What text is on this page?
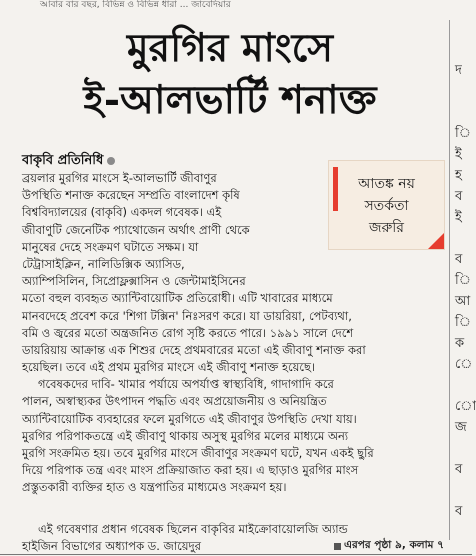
আবার বার বছর, বিভিন্ন ও বিভিন্ন ধারা ... জাবেদিয়ার
মুরগির মাংসে
ই-আলভার্টি শনাক্ত
বাকৃবি প্রতিনিধি
আতঙ্ক নয়
সতর্কতা
জরুরি
ব্রয়লার মুরগির মাংসে ই-আলভার্টি জীবাণুর
উপস্থিতি শনাক্ত করেছেন সম্প্রতি বাংলাদেশ কৃষি
বিশ্ববিদ্যালয়ের (বাকৃবি) একদল গবেষক। এই
জীবাণুটি জেনেটিক প্যাথোজেন অর্থাৎ প্রাণী থেকে
মানুষের দেহে সংক্রমণ ঘটাতে সক্ষম। যা
টেট্রাসাইক্লিন, নালিডিক্সিক অ্যাসিড,
অ্যাম্পিসিলিন, সিপ্রোফ্লক্সাসিন ও জেন্টামাইসিনের
মতো বহুল ব্যবহৃত অ্যান্টিবায়োটিক প্রতিরোধী। এটি খাবারের মাধ্যমে
মানবদেহে প্রবেশ করে 'শিগা টক্সিন' নিঃসরণ করে। যা ডায়রিয়া, পেটব্যথা,
বমি ও জ্বরের মতো অন্ত্রজনিত রোগ সৃষ্টি করতে পারে। ১৯৯১ সালে দেশে
ডায়রিয়ায় আক্রান্ত এক শিশুর দেহে প্রথমবারের মতো এই জীবাণু শনাক্ত করা
হয়েছিল। তবে এই প্রথম মুরগির মাংসে এই জীবাণু শনাক্ত হয়েছে।
গবেষকদের দাবি- খামার পর্যায়ে অপর্যাপ্ত স্বাস্থ্যবিধি, গাদাগাদি করে
পালন, অস্বাস্থ্যকর উৎপাদন পদ্ধতি এবং অপ্রয়োজনীয় ও অনিয়ন্ত্রিত
অ্যান্টিবায়োটিক ব্যবহারের ফলে মুরগিতে এই জীবাণুর উপস্থিতি দেখা যায়।
মুরগির পরিপাকতন্ত্রে এই জীবাণু থাকায় অসুস্থ মুরগির মলের মাধ্যমে অন্য
মুরগি সংক্রমিত হয়। তবে মুরগির মাংসে জীবাণুর সংক্রমণ ঘটে, যখন একই ছুরি
দিয়ে পরিপাক তন্ত্র এবং মাংস প্রক্রিয়াজাত করা হয়। এ ছাড়াও মুরগির মাংস
প্রস্তুতকারী ব্যক্তির হাত ও যন্ত্রপাতির মাধ্যমেও সংক্রমণ হয়।
এই গবেষণার প্রধান গবেষক ছিলেন বাকৃবির মাইক্রোবায়োলজি অ্যান্ড
হাইজিন বিভাগের অধ্যাপক ড. জায়েদুর	এরপর পৃষ্ঠা ৯, কলাম ৭
দ
ি
ই
হ
ব
ই
ব
ি
আ
ি
ক
ে
ো
জ
ব
ব
